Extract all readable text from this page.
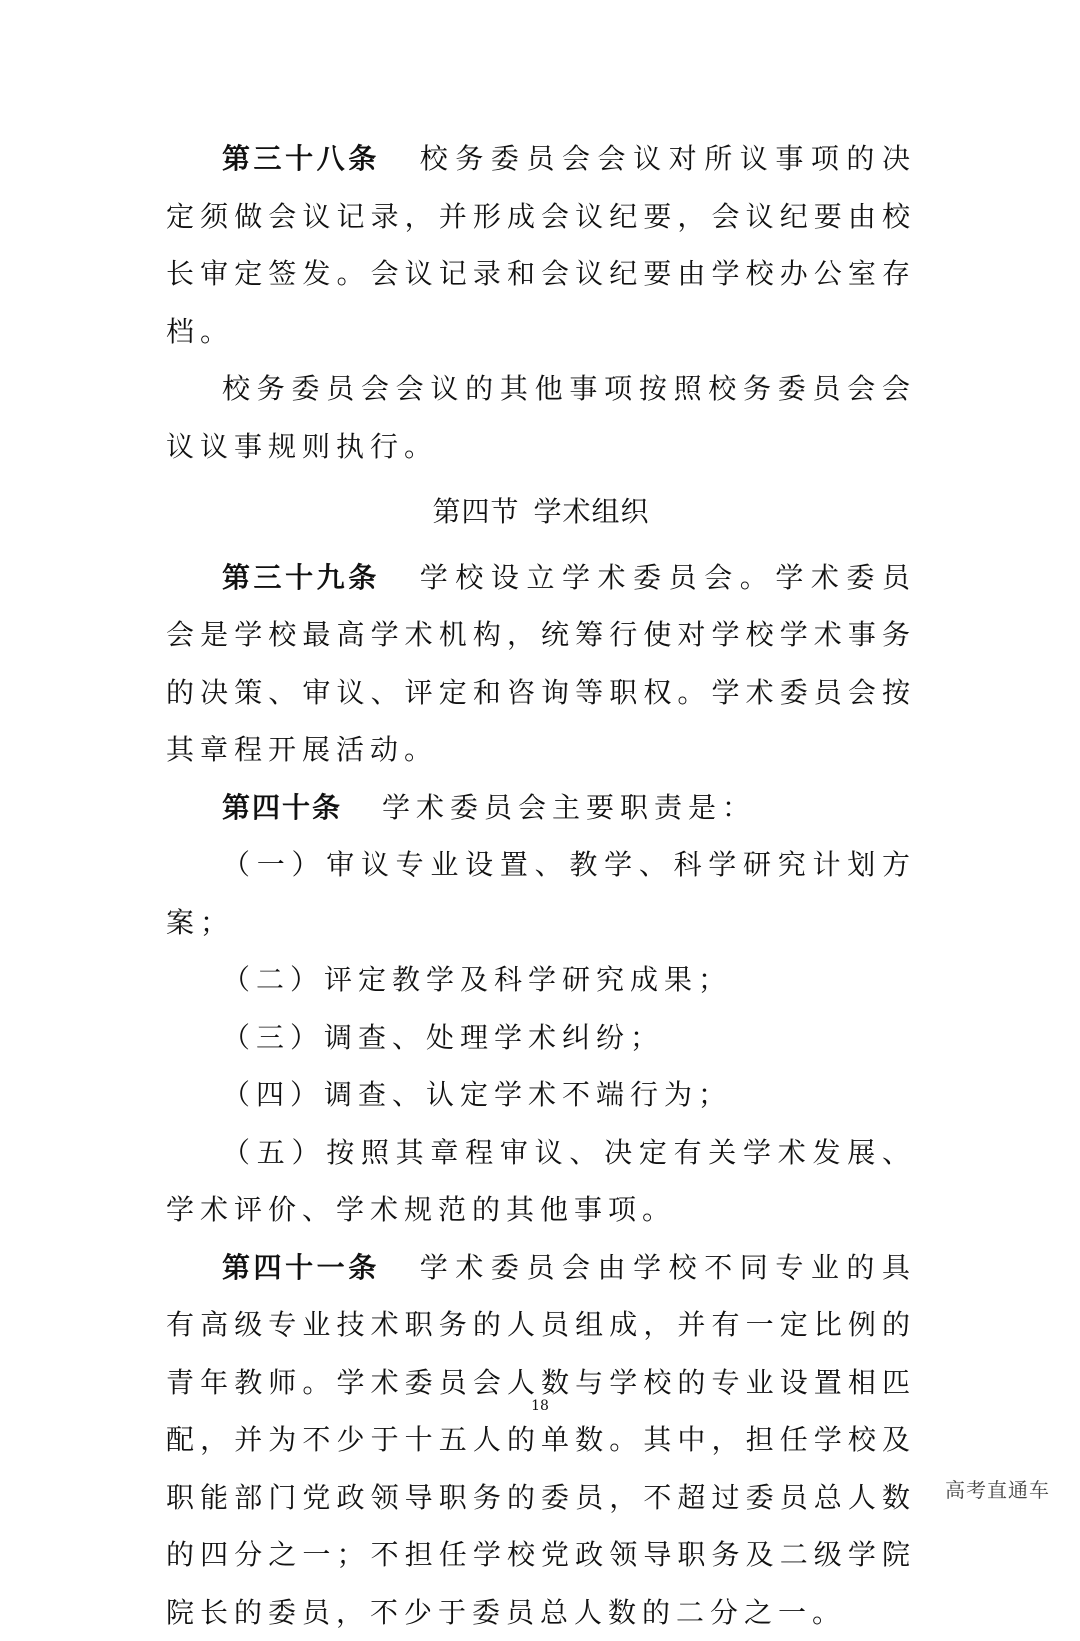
第三十八条 校务委员会会议对所议事项的决定须做会议记录，并形成会议纪要，会议纪要由校长审定签发。会议记录和会议纪要由学校办公室存档。

校务委员会会议的其他事项按照校务委员会会议议事规则执行。

第四节 学术组织

第三十九条 学校设立学术委员会。学术委员会是学校最高学术机构，统筹行使对学校学术事务的决策、审议、评定和咨询等职权。学术委员会按其章程开展活动。

第四十条 学术委员会主要职责是：

（一）审议专业设置、教学、科学研究计划方案；

（二）评定教学及科学研究成果；

（三）调查、处理学术纠纷；

（四）调查、认定学术不端行为；

（五）按照其章程审议、决定有关学术发展、学术评价、学术规范的其他事项。

第四十一条 学术委员会由学校不同专业的具有高级专业技术职务的人员组成，并有一定比例的青年教师。学术委员会人数与学校的专业设置相匹配，并为不少于十五人的单数。其中，担任学校及职能部门党政领导职务的委员，不超过委员总人数的四分之一；不担任学校党政领导职务及二级学院院长的委员，不少于委员总人数的二分之一。

18
高考直通车
